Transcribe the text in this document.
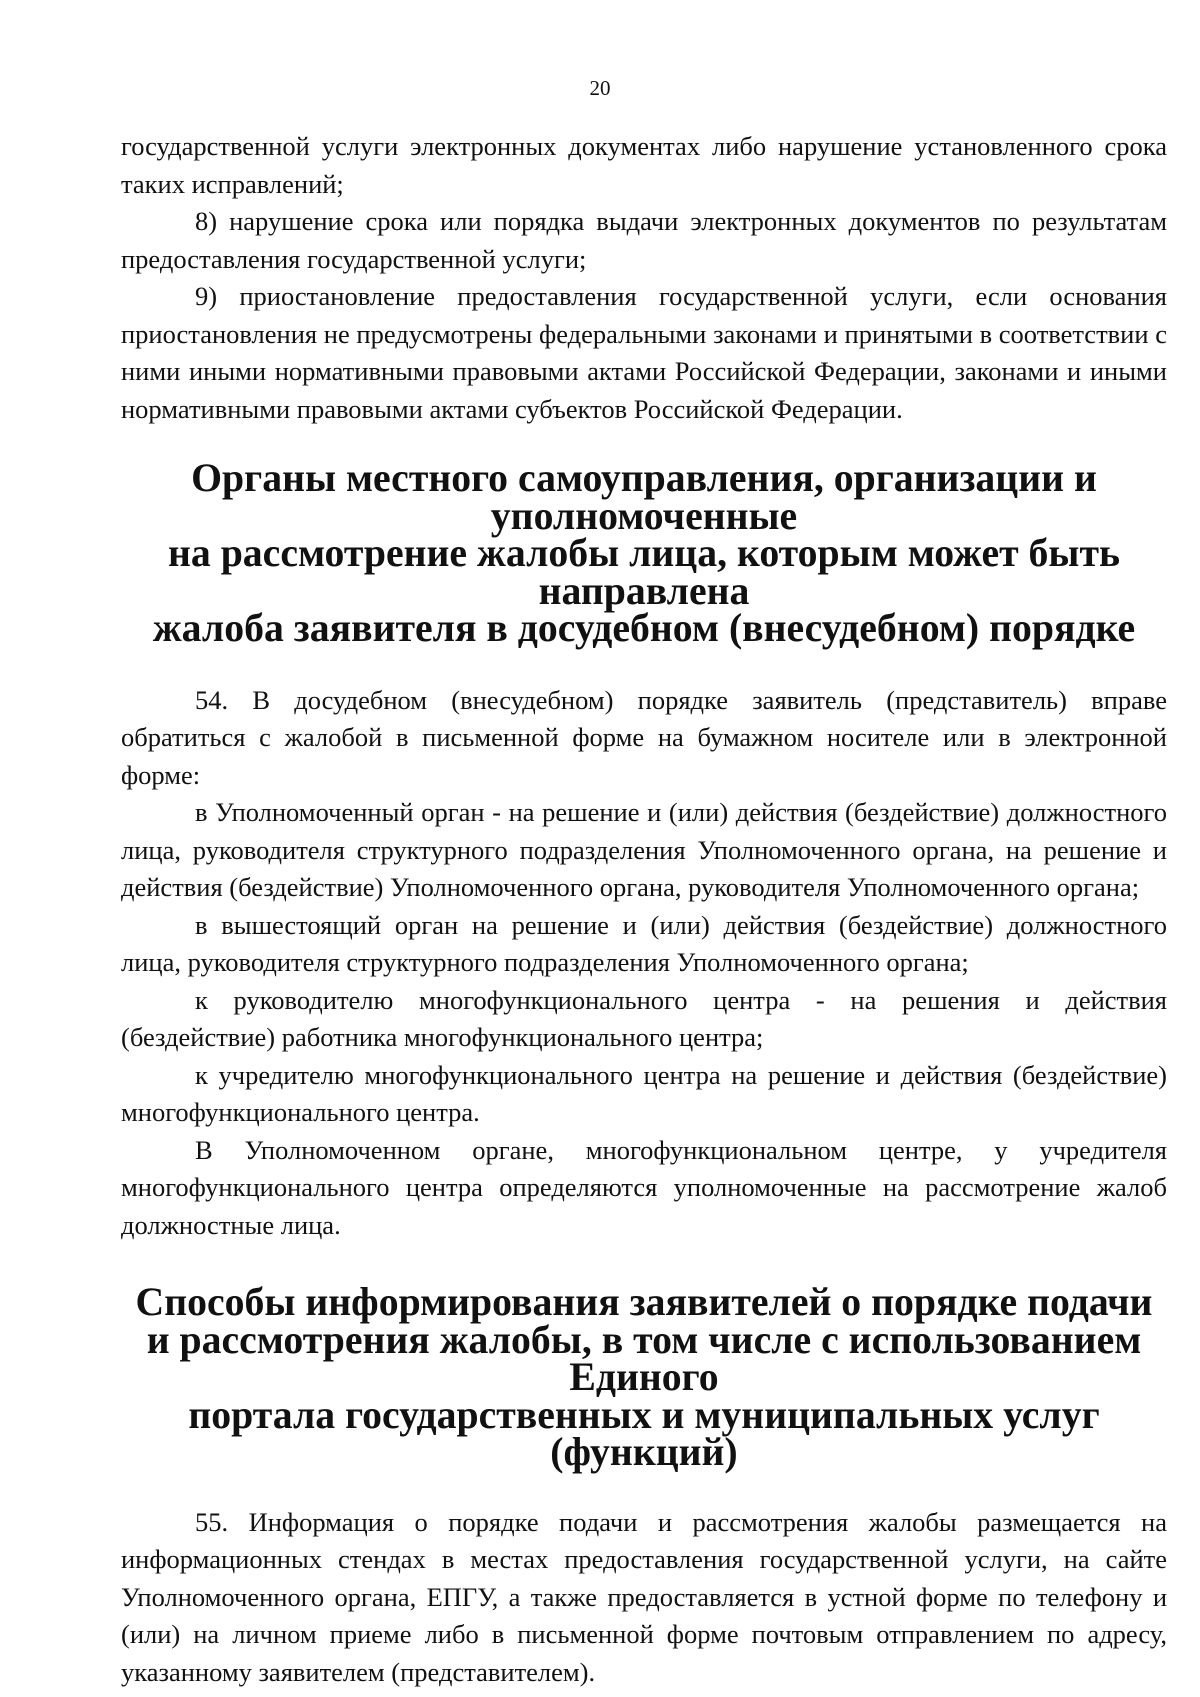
20

государственной услуги электронных документах либо нарушение установленного срока таких исправлений;

8) нарушение срока или порядка выдачи электронных документов по результатам предоставления государственной услуги;

9) приостановление предоставления государственной услуги, если основания приостановления не предусмотрены федеральными законами и принятыми в соответствии с ними иными нормативными правовыми актами Российской Федерации, законами и иными нормативными правовыми актами субъектов Российской Федерации.

Органы местного самоуправления, организации и уполномоченные
на рассмотрение жалобы лица, которым может быть направлена
жалоба заявителя в досудебном (внесудебном) порядке

54. В досудебном (внесудебном) порядке заявитель (представитель) вправе обратиться с жалобой в письменной форме на бумажном носителе или в электронной форме:

в Уполномоченный орган - на решение и (или) действия (бездействие) должностного лица, руководителя структурного подразделения Уполномоченного органа, на решение и действия (бездействие) Уполномоченного органа, руководителя Уполномоченного органа;

в вышестоящий орган на решение и (или) действия (бездействие) должностного лица, руководителя структурного подразделения Уполномоченного органа;

к руководителю многофункционального центра - на решения и действия (бездействие) работника многофункционального центра;

к учредителю многофункционального центра на решение и действия (бездействие) многофункционального центра.

В Уполномоченном органе, многофункциональном центре, у учредителя многофункционального центра определяются уполномоченные на рассмотрение жалоб должностные лица.

Способы информирования заявителей о порядке подачи
и рассмотрения жалобы, в том числе с использованием Единого
портала государственных и муниципальных услуг (функций)

55. Информация о порядке подачи и рассмотрения жалобы размещается на информационных стендах в местах предоставления государственной услуги, на сайте Уполномоченного органа, ЕПГУ, а также предоставляется в устной форме по телефону и (или) на личном приеме либо в письменной форме почтовым отправлением по адресу, указанному заявителем (представителем).
